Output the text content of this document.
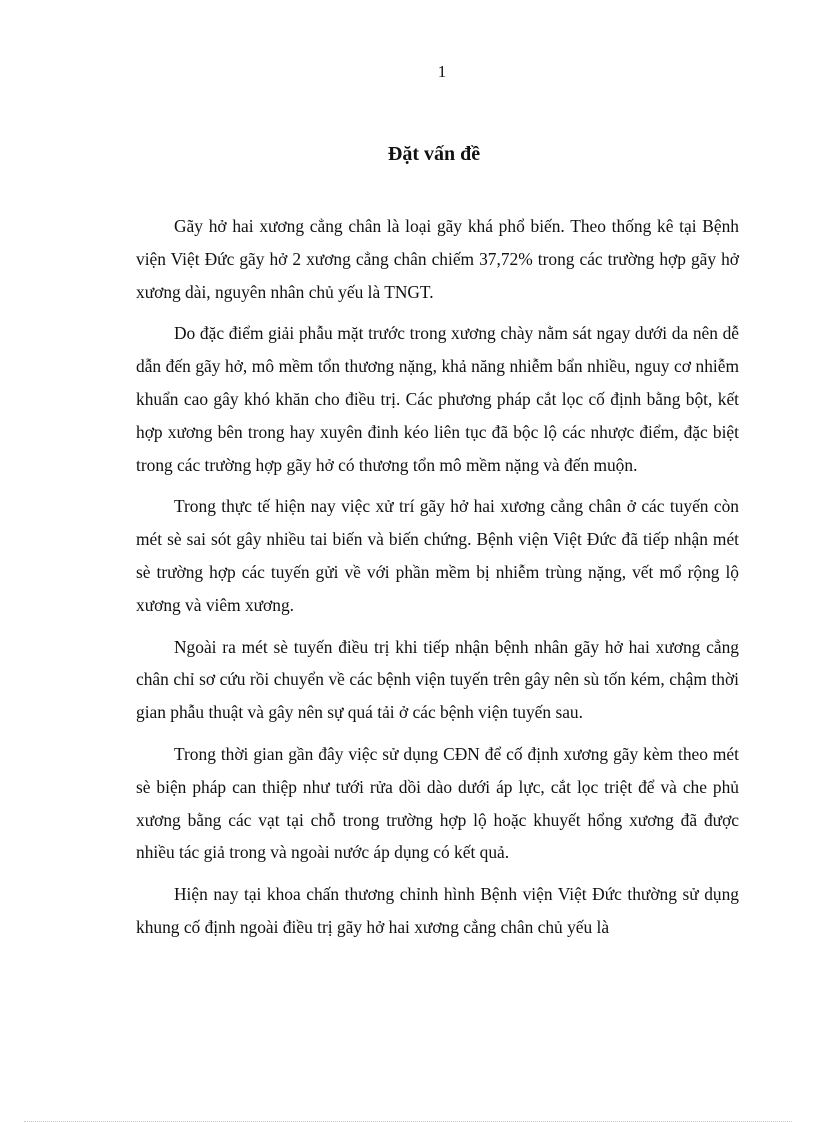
1
Đặt vấn đề

Gãy hở hai xương cẳng chân là loại gãy khá phổ biến. Theo thống kê tại Bệnh viện Việt Đức gãy hở 2 xương cẳng chân chiếm 37,72% trong các trường hợp gãy hở xương dài, nguyên nhân chủ yếu là TNGT.

Do đặc điểm giải phẫu mặt trước trong xương chày nằm sát ngay dưới da nên dễ dẫn đến gãy hở, mô mềm tổn thương nặng, khả năng nhiễm bẩn nhiều, nguy cơ nhiễm khuẩn cao gây khó khăn cho điều trị. Các phương pháp cắt lọc cố định bằng bột, kết hợp xương bên trong hay xuyên đinh kéo liên tục đã bộc lộ các nhược điểm, đặc biệt trong các trường hợp gãy hở có thương tổn mô mềm nặng và đến muộn.

Trong thực tế hiện nay việc xử trí gãy hở hai xương cẳng chân ở các tuyến còn mét sè sai sót gây nhiều tai biến và biến chứng. Bệnh viện Việt Đức đã tiếp nhận mét sè trường hợp các tuyến gửi về với phần mềm bị nhiễm trùng nặng, vết mổ rộng lộ xương và viêm xương.

Ngoài ra mét sè tuyến điều trị khi tiếp nhận bệnh nhân gãy hở hai xương cẳng chân chỉ sơ cứu rồi chuyển về các bệnh viện tuyến trên gây nên sù tốn kém, chậm thời gian phẫu thuật và gây nên sự quá tải ở các bệnh viện tuyến sau.

Trong thời gian gần đây việc sử dụng CĐN để cố định xương gãy kèm theo mét sè biện pháp can thiệp như tưới rửa dồi dào dưới áp lực, cắt lọc triệt để và che phủ xương bằng các vạt tại chỗ trong trường hợp lộ hoặc khuyết hổng xương đã được nhiều tác giả trong và ngoài nước áp dụng có kết quả.

Hiện nay tại khoa chấn thương chỉnh hình Bệnh viện Việt Đức thường sử dụng khung cố định ngoài điều trị gãy hở hai xương cẳng chân chủ yếu là
